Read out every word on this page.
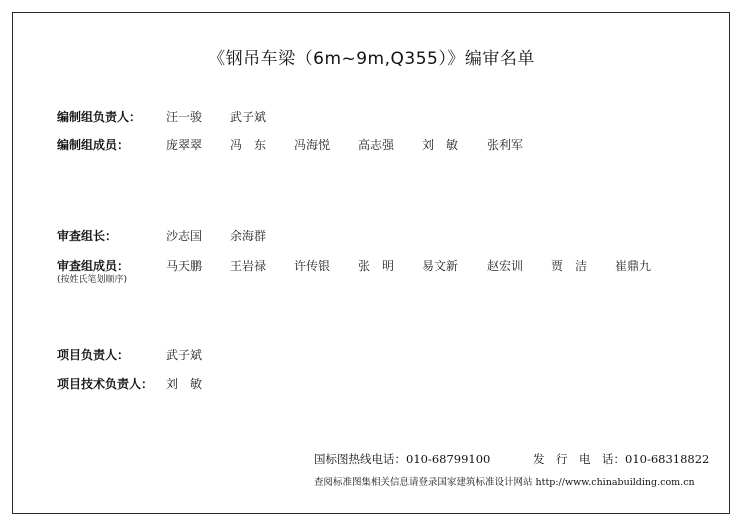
《钢吊车梁（6m~9m,Q355）》编审名单
编制组负责人： 汪一骏 武子斌
编制组成员：	庞翠翠 冯　东 冯海悦 高志强 刘　敏 张利军
审查组长：	沙志国 余海群
审查组成员：
(按姓氏笔划顺序)
马天鹏 王岩禄 许传银 张　明 易文新 赵宏训 贾　洁 崔鼎九
项目负责人：	武子斌
项目技术负责人： 刘　敏
国标图热线电话：010-68799100	发　行　电　话：010-68318822
查阅标准图集相关信息请登录国家建筑标准设计网站 http://www.chinabuilding.com.cn
